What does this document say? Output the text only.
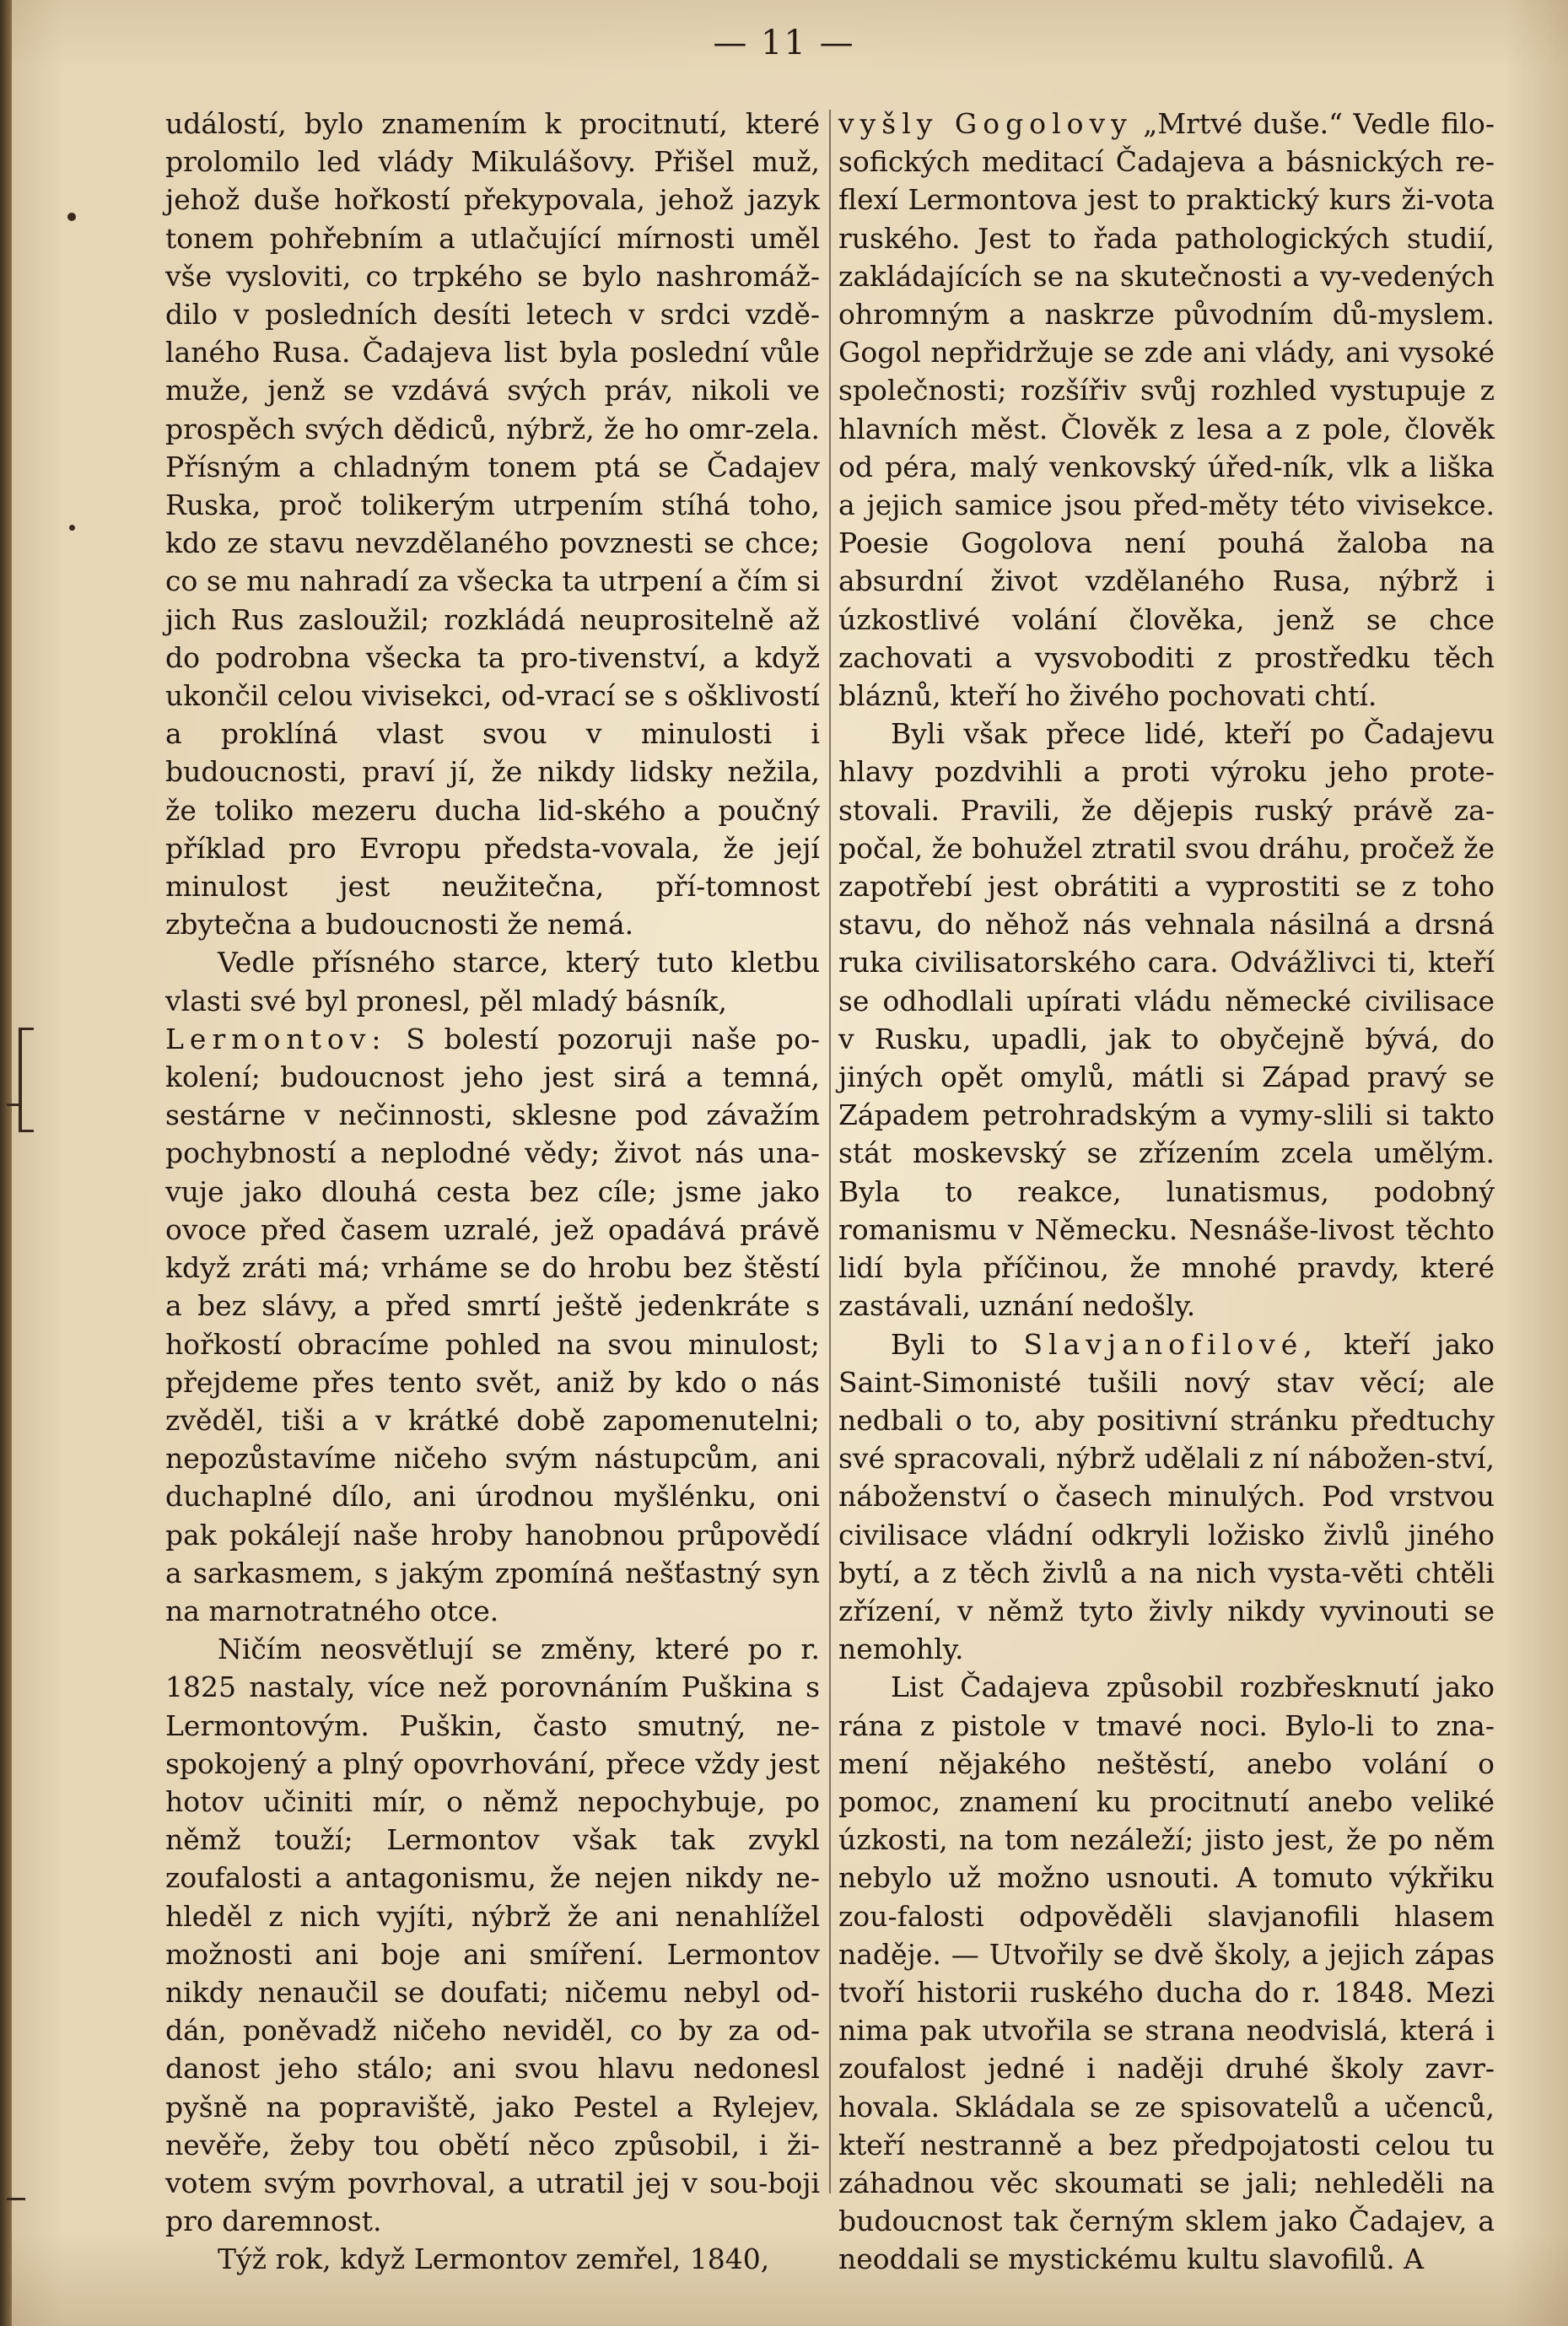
— 11 —

událostí, bylo znamením k procitnutí, které prolomilo led vlády Mikulášovy. Přišel muž, jehož duše hořkostí překypovala, jehož jazyk tonem pohřebním a utlačující mírnosti uměl vše vysloviti, co trpkého se bylo nashromáž-dilo v posledních desíti letech v srdci vzdě-laného Rusa. Čadajeva list byla poslední vůle muže, jenž se vzdává svých práv, nikoli ve prospěch svých dědiců, nýbrž, že ho omr-zela. Přísným a chladným tonem ptá se Čadajev Ruska, proč tolikerým utrpením stíhá toho, kdo ze stavu nevzdělaného povznesti se chce; co se mu nahradí za všecka ta utrpení a čím si jich Rus zasloužil; rozkládá neuprositelně až do podrobna všecka ta pro-tivenství, a když ukončil celou vivisekci, od-vrací se s ošklivostí a proklíná vlast svou v minulosti i budoucnosti, praví jí, že nikdy lidsky nežila, že toliko mezeru ducha lid-ského a poučný příklad pro Evropu předsta-vovala, že její minulost jest neužitečna, pří-tomnost zbytečna a budoucnosti že nemá.

Vedle přísného starce, který tuto kletbu vlasti své byl pronesl, pěl mladý básník,

Lermontov: S bolestí pozoruji naše po-kolení; budoucnost jeho jest sirá a temná, sestárne v nečinnosti, sklesne pod závažím pochybností a neplodné vědy; život nás una-vuje jako dlouhá cesta bez cíle; jsme jako ovoce před časem uzralé, jež opadává právě když zráti má; vrháme se do hrobu bez štěstí a bez slávy, a před smrtí ještě jedenkráte s hořkostí obracíme pohled na svou minulost; přejdeme přes tento svět, aniž by kdo o nás zvěděl, tiši a v krátké době zapomenutelni; nepozůstavíme ničeho svým nástupcům, ani duchaplné dílo, ani úrodnou myšlénku, oni pak pokálejí naše hroby hanobnou průpovědí a sarkasmem, s jakým zpomíná nešťastný syn na marnotratného otce.

Ničím neosvětlují se změny, které po r. 1825 nastaly, více než porovnáním Puškina s Lermontovým. Puškin, často smutný, ne-spokojený a plný opovrhování, přece vždy jest hotov učiniti mír, o němž nepochybuje, po němž touží; Lermontov však tak zvykl zoufalosti a antagonismu, že nejen nikdy ne-hleděl z nich vyjíti, nýbrž že ani nenahlížel možnosti ani boje ani smíření. Lermontov nikdy nenaučil se doufati; ničemu nebyl od-dán, poněvadž ničeho neviděl, co by za od-danost jeho stálo; ani svou hlavu nedonesl pyšně na popraviště, jako Pestel a Rylejev, nevěře, žeby tou obětí něco způsobil, i ži-votem svým povrhoval, a utratil jej v sou-boji pro daremnost.

Týž rok, když Lermontov zemřel, 1840,

vyšly Gogolovy „Mrtvé duše.“ Vedle filo-sofických meditací Čadajeva a básnických re-flexí Lermontova jest to praktický kurs ži-vota ruského. Jest to řada pathologických studií, zakládajících se na skutečnosti a vy-vedených ohromným a naskrze původním dů-myslem. Gogol nepřidržuje se zde ani vlády, ani vysoké společnosti; rozšířiv svůj rozhled vystupuje z hlavních měst. Člověk z lesa a z pole, člověk od péra, malý venkovský úřed-ník, vlk a liška a jejich samice jsou před-měty této vivisekce. Poesie Gogolova není pouhá žaloba na absurdní život vzdělaného Rusa, nýbrž i úzkostlivé volání člověka, jenž se chce zachovati a vysvoboditi z prostředku těch bláznů, kteří ho živého pochovati chtí.

Byli však přece lidé, kteří po Čadajevu hlavy pozdvihli a proti výroku jeho prote-stovali. Pravili, že dějepis ruský právě za-počal, že bohužel ztratil svou dráhu, pročež že zapotřebí jest obrátiti a vyprostiti se z toho stavu, do něhož nás vehnala násilná a drsná ruka civilisatorského cara. Odvážlivci ti, kteří se odhodlali upírati vládu německé civilisace v Rusku, upadli, jak to obyčejně bývá, do jiných opět omylů, mátli si Západ pravý se Západem petrohradským a vymy-slili si takto stát moskevský se zřízením zcela umělým. Byla to reakce, lunatismus, podobný romanismu v Německu. Nesnáše-livost těchto lidí byla příčinou, že mnohé pravdy, které zastávali, uznání nedošly.

Byli to Slavjanofilové, kteří jako Saint-Simonisté tušili nový stav věcí; ale nedbali o to, aby positivní stránku předtuchy své spracovali, nýbrž udělali z ní nábožen-ství, náboženství o časech minulých. Pod vrstvou civilisace vládní odkryli ložisko živlů jiného bytí, a z těch živlů a na nich vysta-věti chtěli zřízení, v němž tyto živly nikdy vyvinouti se nemohly.

List Čadajeva způsobil rozbřesknutí jako rána z pistole v tmavé noci. Bylo-li to zna-mení nějakého neštěstí, anebo volání o pomoc, znamení ku procitnutí anebo veliké úzkosti, na tom nezáleží; jisto jest, že po něm nebylo už možno usnouti. A tomuto výkřiku zou-falosti odpověděli slavjanofili hlasem naděje. — Utvořily se dvě školy, a jejich zápas tvoří historii ruského ducha do r. 1848. Mezi nima pak utvořila se strana neodvislá, která i zoufalost jedné i naději druhé školy zavr-hovala. Skládala se ze spisovatelů a učenců, kteří nestranně a bez předpojatosti celou tu záhadnou věc skoumati se jali; nehleděli na budoucnost tak černým sklem jako Čadajev, a neoddali se mystickému kultu slavofilů. A
